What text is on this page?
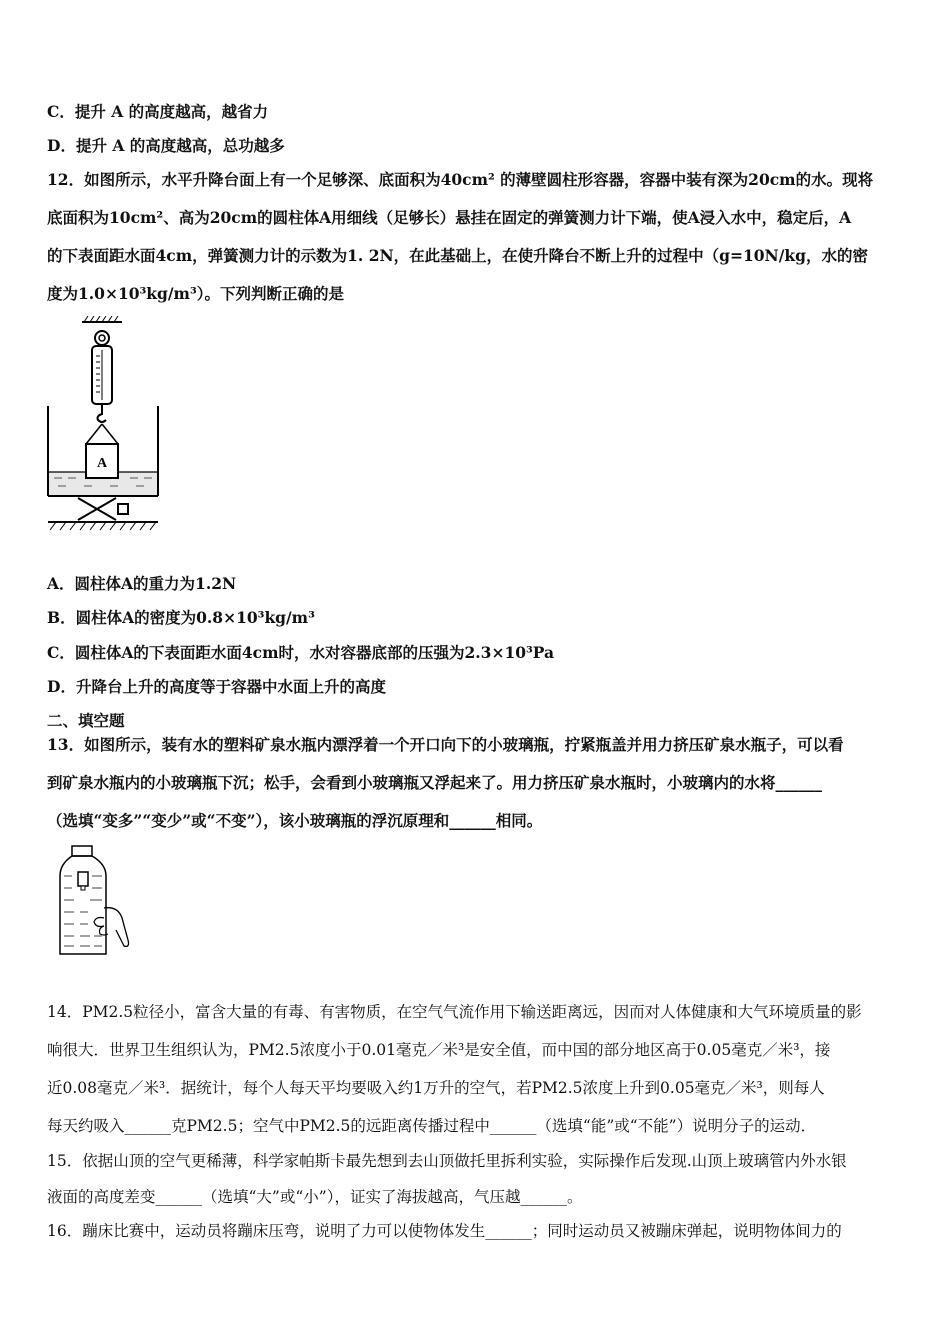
C．提升 A 的高度越高，越省力
D．提升 A 的高度越高，总功越多
12．如图所示，水平升降台面上有一个足够深、底面积为40cm² 的薄壁圆柱形容器，容器中装有深为20cm的水。现将
底面积为10cm²、高为20cm的圆柱体A用细线（足够长）悬挂在固定的弹簧测力计下端，使A浸入水中，稳定后，A
的下表面距水面4cm，弹簧测力计的示数为1. 2N，在此基础上，在使升降台不断上升的过程中（g=10N/kg，水的密
度为1.0×10³kg/m³）。下列判断正确的是
A
A．圆柱体A的重力为1.2N
B．圆柱体A的密度为0.8×10³kg/m³
C．圆柱体A的下表面距水面4cm时，水对容器底部的压强为2.3×10³Pa
D．升降台上升的高度等于容器中水面上升的高度
二、填空题
13．如图所示，装有水的塑料矿泉水瓶内漂浮着一个开口向下的小玻璃瓶，拧紧瓶盖并用力挤压矿泉水瓶子，可以看
到矿泉水瓶内的小玻璃瓶下沉；松手，会看到小玻璃瓶又浮起来了。用力挤压矿泉水瓶时，小玻璃内的水将______
（选填“变多”“变少”或“不变”），该小玻璃瓶的浮沉原理和______相同。
14．PM2.5粒径小，富含大量的有毒、有害物质，在空气气流作用下输送距离远，因而对人体健康和大气环境质量的影
响很大．世界卫生组织认为，PM2.5浓度小于0.01毫克／米³是安全值，而中国的部分地区高于0.05毫克／米³，接
近0.08毫克／米³．据统计，每个人每天平均要吸入约1万升的空气，若PM2.5浓度上升到0.05毫克／米³，则每人
每天约吸入______克PM2.5；空气中PM2.5的远距离传播过程中______（选填“能”或“不能”）说明分子的运动．
15．依据山顶的空气更稀薄，科学家帕斯卡最先想到去山顶做托里拆利实验，实际操作后发现.山顶上玻璃管内外水银
液面的高度差变______（选填“大”或“小”），证实了海拔越高，气压越______。
16．蹦床比赛中，运动员将蹦床压弯，说明了力可以使物体发生______；同时运动员又被蹦床弹起，说明物体间力的
